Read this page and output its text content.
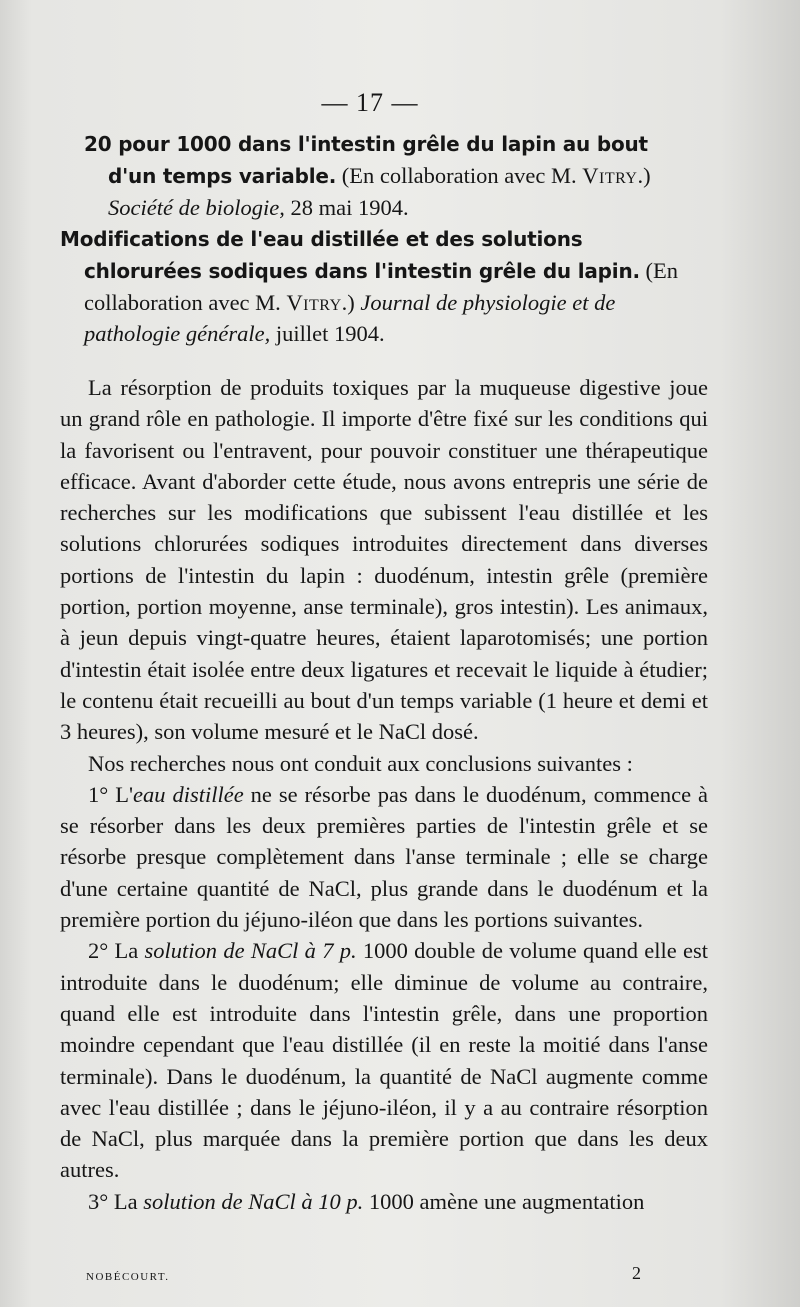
— 17 —

20 pour 1000 dans l'intestin grêle du lapin au bout d'un temps variable. (En collaboration avec M. Vitry.) Société de biologie, 28 mai 1904.

Modifications de l'eau distillée et des solutions chlorurées sodiques dans l'intestin grêle du lapin. (En collaboration avec M. Vitry.) Journal de physiologie et de pathologie générale, juillet 1904.

La résorption de produits toxiques par la muqueuse digestive joue un grand rôle en pathologie. Il importe d'être fixé sur les conditions qui la favorisent ou l'entravent, pour pouvoir constituer une thérapeutique efficace. Avant d'aborder cette étude, nous avons entrepris une série de recherches sur les modifications que subissent l'eau distillée et les solutions chlorurées sodiques introduites directement dans diverses portions de l'intestin du lapin : duodénum, intestin grêle (première portion, portion moyenne, anse terminale), gros intestin). Les animaux, à jeun depuis vingt-quatre heures, étaient laparotomisés; une portion d'intestin était isolée entre deux ligatures et recevait le liquide à étudier; le contenu était recueilli au bout d'un temps variable (1 heure et demi et 3 heures), son volume mesuré et le NaCl dosé.

Nos recherches nous ont conduit aux conclusions suivantes :

1° L'eau distillée ne se résorbe pas dans le duodénum, commence à se résorber dans les deux premières parties de l'intestin grêle et se résorbe presque complètement dans l'anse terminale ; elle se charge d'une certaine quantité de NaCl, plus grande dans le duodénum et la première portion du jéjuno-iléon que dans les portions suivantes.

2° La solution de NaCl à 7 p. 1000 double de volume quand elle est introduite dans le duodénum; elle diminue de volume au contraire, quand elle est introduite dans l'intestin grêle, dans une proportion moindre cependant que l'eau distillée (il en reste la moitié dans l'anse terminale). Dans le duodénum, la quantité de NaCl augmente comme avec l'eau distillée ; dans le jéjuno-iléon, il y a au contraire résorption de NaCl, plus marquée dans la première portion que dans les deux autres.

3° La solution de NaCl à 10 p. 1000 amène une augmentation

NOBÉCOURT.	2
